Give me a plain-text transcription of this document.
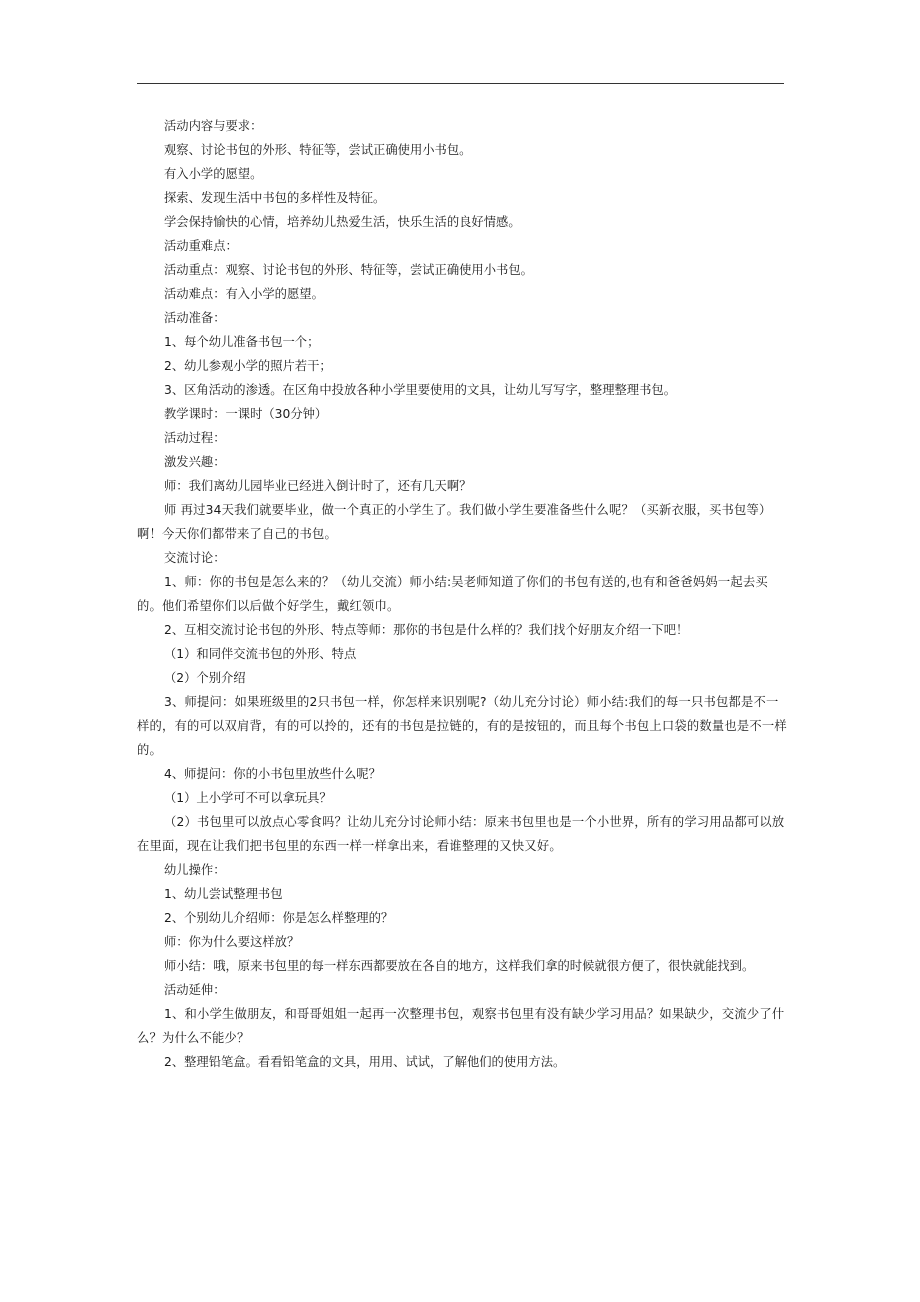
活动内容与要求：

观察、讨论书包的外形、特征等，尝试正确使用小书包。

有入小学的愿望。

探索、发现生活中书包的多样性及特征。

学会保持愉快的心情，培养幼儿热爱生活，快乐生活的良好情感。

活动重难点：

活动重点：观察、讨论书包的外形、特征等，尝试正确使用小书包。

活动难点：有入小学的愿望。

活动准备：

1、每个幼儿准备书包一个；

2、幼儿参观小学的照片若干；

3、区角活动的渗透。在区角中投放各种小学里要使用的文具，让幼儿写写字，整理整理书包。

教学课时：一课时（30分钟）

活动过程：

激发兴趣：

师：我们离幼儿园毕业已经进入倒计时了，还有几天啊？

师 再过34天我们就要毕业，做一个真正的小学生了。我们做小学生要准备些什么呢？（买新衣服，买书包等）啊！今天你们都带来了自己的书包。

交流讨论：

1、师：你的书包是怎么来的？（幼儿交流）师小结:吴老师知道了你们的书包有送的,也有和爸爸妈妈一起去买的。他们希望你们以后做个好学生，戴红领巾。

2、互相交流讨论书包的外形、特点等师：那你的书包是什么样的？我们找个好朋友介绍一下吧！

（1）和同伴交流书包的外形、特点

（2）个别介绍

3、师提问：如果班级里的2只书包一样，你怎样来识别呢?（幼儿充分讨论）师小结:我们的每一只书包都是不一样的，有的可以双肩背，有的可以拎的，还有的书包是拉链的，有的是按钮的，而且每个书包上口袋的数量也是不一样的。

4、师提问：你的小书包里放些什么呢？

（1）上小学可不可以拿玩具？

（2）书包里可以放点心零食吗？让幼儿充分讨论师小结：原来书包里也是一个小世界，所有的学习用品都可以放在里面，现在让我们把书包里的东西一样一样拿出来，看谁整理的又快又好。

幼儿操作：

1、幼儿尝试整理书包

2、个别幼儿介绍师：你是怎么样整理的？

师：你为什么要这样放？

师小结：哦，原来书包里的每一样东西都要放在各自的地方，这样我们拿的时候就很方便了，很快就能找到。

活动延伸：

1、和小学生做朋友，和哥哥姐姐一起再一次整理书包，观察书包里有没有缺少学习用品？如果缺少，交流少了什么？为什么不能少？

2、整理铅笔盒。看看铅笔盒的文具，用用、试试，了解他们的使用方法。
